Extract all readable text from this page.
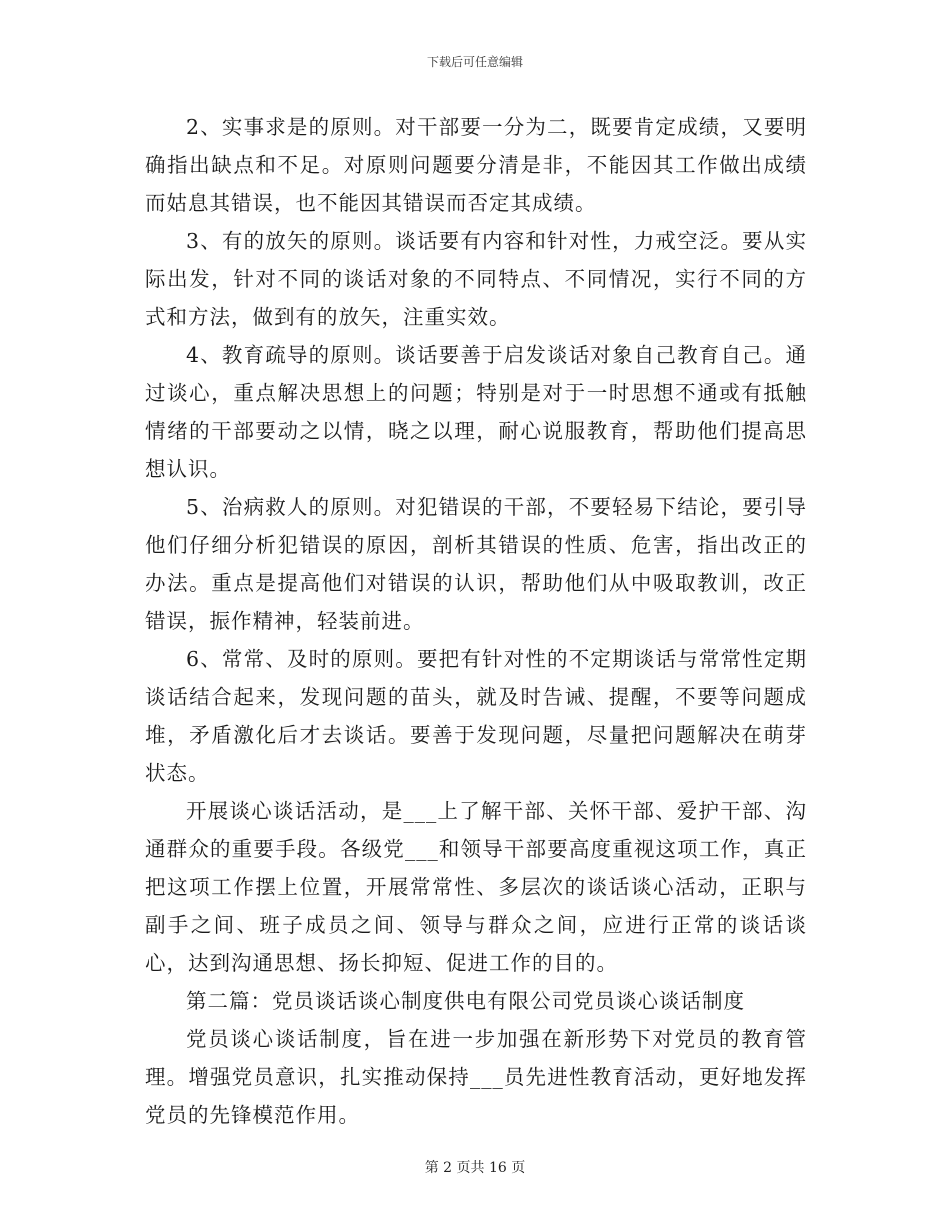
下载后可任意编辑

2、实事求是的原则。对干部要一分为二，既要肯定成绩，又要明确指出缺点和不足。对原则问题要分清是非，不能因其工作做出成绩而姑息其错误，也不能因其错误而否定其成绩。

3、有的放矢的原则。谈话要有内容和针对性，力戒空泛。要从实际出发，针对不同的谈话对象的不同特点、不同情况，实行不同的方式和方法，做到有的放矢，注重实效。

4、教育疏导的原则。谈话要善于启发谈话对象自己教育自己。通过谈心，重点解决思想上的问题；特别是对于一时思想不通或有抵触情绪的干部要动之以情，晓之以理，耐心说服教育，帮助他们提高思想认识。

5、治病救人的原则。对犯错误的干部，不要轻易下结论，要引导他们仔细分析犯错误的原因，剖析其错误的性质、危害，指出改正的办法。重点是提高他们对错误的认识，帮助他们从中吸取教训，改正错误，振作精神，轻装前进。

6、常常、及时的原则。要把有针对性的不定期谈话与常常性定期谈话结合起来，发现问题的苗头，就及时告诫、提醒，不要等问题成堆，矛盾激化后才去谈话。要善于发现问题，尽量把问题解决在萌芽状态。

开展谈心谈话活动，是___上了解干部、关怀干部、爱护干部、沟通群众的重要手段。各级党___和领导干部要高度重视这项工作，真正把这项工作摆上位置，开展常常性、多层次的谈话谈心活动，正职与副手之间、班子成员之间、领导与群众之间，应进行正常的谈话谈心，达到沟通思想、扬长抑短、促进工作的目的。

第二篇：党员谈话谈心制度供电有限公司党员谈心谈话制度

党员谈心谈话制度，旨在进一步加强在新形势下对党员的教育管理。增强党员意识，扎实推动保持___员先进性教育活动，更好地发挥党员的先锋模范作用。

第 2 页共 16 页
